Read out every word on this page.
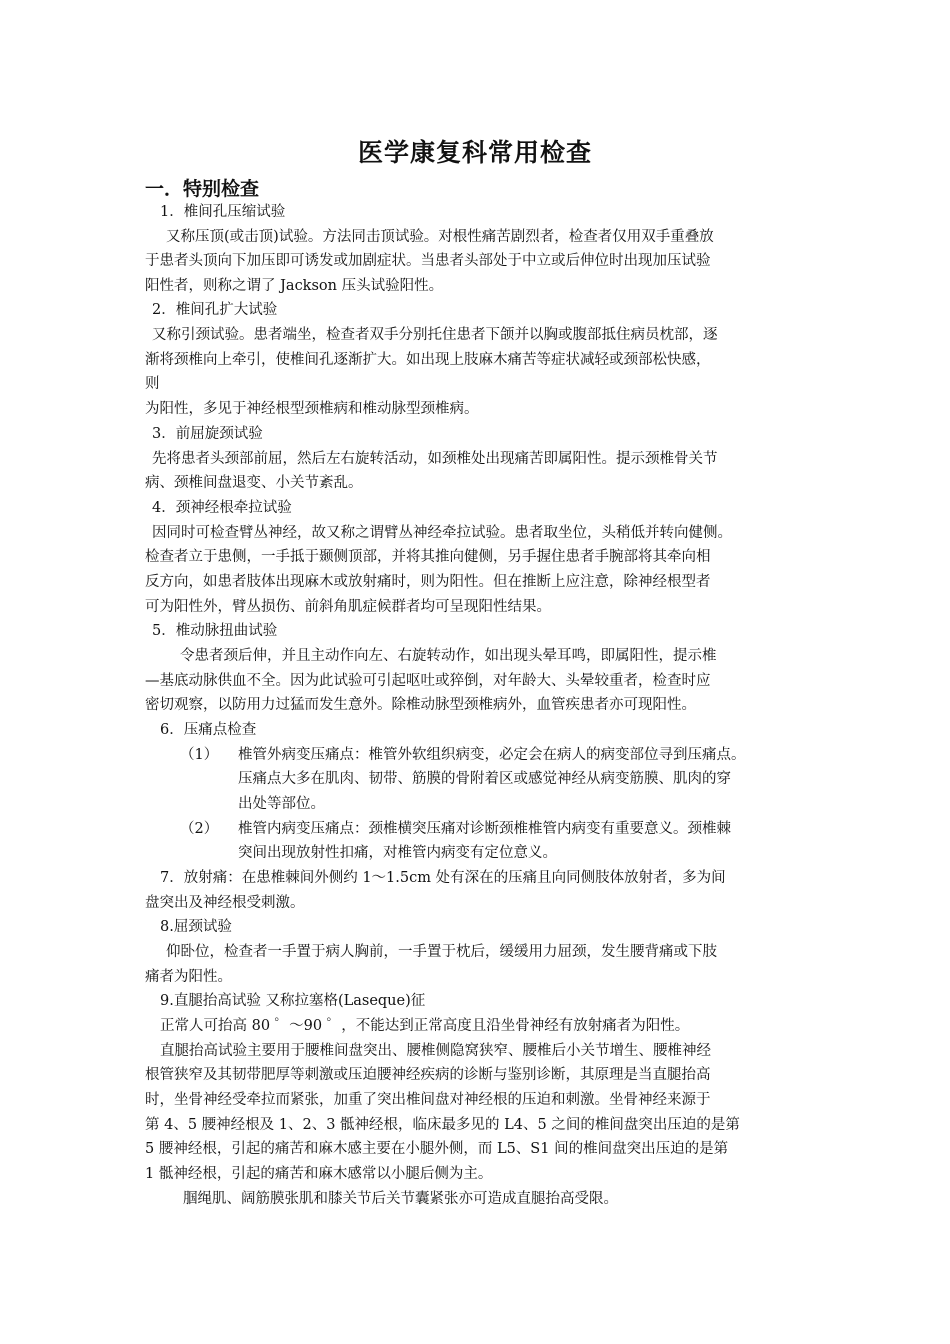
医学康复科常用检查
一．特别检查
1．椎间孔压缩试验
又称压顶(或击顶)试验。方法同击顶试验。对根性痛苦剧烈者，检查者仅用双手重叠放
于患者头顶向下加压即可诱发或加剧症状。当患者头部处于中立或后伸位时出现加压试验
阳性者，则称之谓了 Jackson 压头试验阳性。
2．椎间孔扩大试验
又称引颈试验。患者端坐，检查者双手分别托住患者下颌并以胸或腹部抵住病员枕部，逐
渐将颈椎向上牵引，使椎间孔逐渐扩大。如出现上肢麻木痛苦等症状减轻或颈部松快感，
则
为阳性，多见于神经根型颈椎病和椎动脉型颈椎病。
3．前屈旋颈试验
先将患者头颈部前屈，然后左右旋转活动，如颈椎处出现痛苦即属阳性。提示颈椎骨关节
病、颈椎间盘退变、小关节紊乱。
4．颈神经根牵拉试验
因同时可检查臂丛神经，故又称之谓臂丛神经牵拉试验。患者取坐位，头稍低并转向健侧。
检查者立于患侧，一手抵于颞侧顶部，并将其推向健侧，另手握住患者手腕部将其牵向相
反方向，如患者肢体出现麻木或放射痛时，则为阳性。但在推断上应注意，除神经根型者
可为阳性外，臂丛损伤、前斜角肌症候群者均可呈现阳性结果。
5．椎动脉扭曲试验
令患者颈后伸，并且主动作向左、右旋转动作，如出现头晕耳鸣，即属阳性，提示椎
—基底动脉供血不全。因为此试验可引起呕吐或猝倒，对年龄大、头晕较重者，检查时应
密切观察，以防用力过猛而发生意外。除椎动脉型颈椎病外，血管疾患者亦可现阳性。
6．压痛点检查
（1） 椎管外病变压痛点：椎管外软组织病变，必定会在病人的病变部位寻到压痛点。
压痛点大多在肌肉、韧带、筋膜的骨附着区或感觉神经从病变筋膜、肌肉的穿
出处等部位。
（2） 椎管内病变压痛点：颈椎横突压痛对诊断颈椎椎管内病变有重要意义。颈椎棘
突间出现放射性扣痛，对椎管内病变有定位意义。
7．放射痛：在患椎棘间外侧约 1～1.5cm 处有深在的压痛且向同侧肢体放射者，多为间
盘突出及神经根受刺激。
8.屈颈试验
仰卧位，检查者一手置于病人胸前，一手置于枕后，缓缓用力屈颈，发生腰背痛或下肢
痛者为阳性。
9.直腿抬高试验 又称拉塞格(Laseque)征
正常人可抬高 80 ゜～90 ゜，不能达到正常高度且沿坐骨神经有放射痛者为阳性。
直腿抬高试验主要用于腰椎间盘突出、腰椎侧隐窝狭窄、腰椎后小关节增生、腰椎神经
根管狭窄及其韧带肥厚等刺激或压迫腰神经疾病的诊断与鉴别诊断，其原理是当直腿抬高
时，坐骨神经受牵拉而紧张，加重了突出椎间盘对神经根的压迫和刺激。坐骨神经来源于
第 4、5 腰神经根及 1、2、3 骶神经根，临床最多见的 L4、5 之间的椎间盘突出压迫的是第
5 腰神经根，引起的痛苦和麻木感主要在小腿外侧，而 L5、S1 间的椎间盘突出压迫的是第
1 骶神经根，引起的痛苦和麻木感常以小腿后侧为主。
腘绳肌、阔筋膜张肌和膝关节后关节囊紧张亦可造成直腿抬高受限。
